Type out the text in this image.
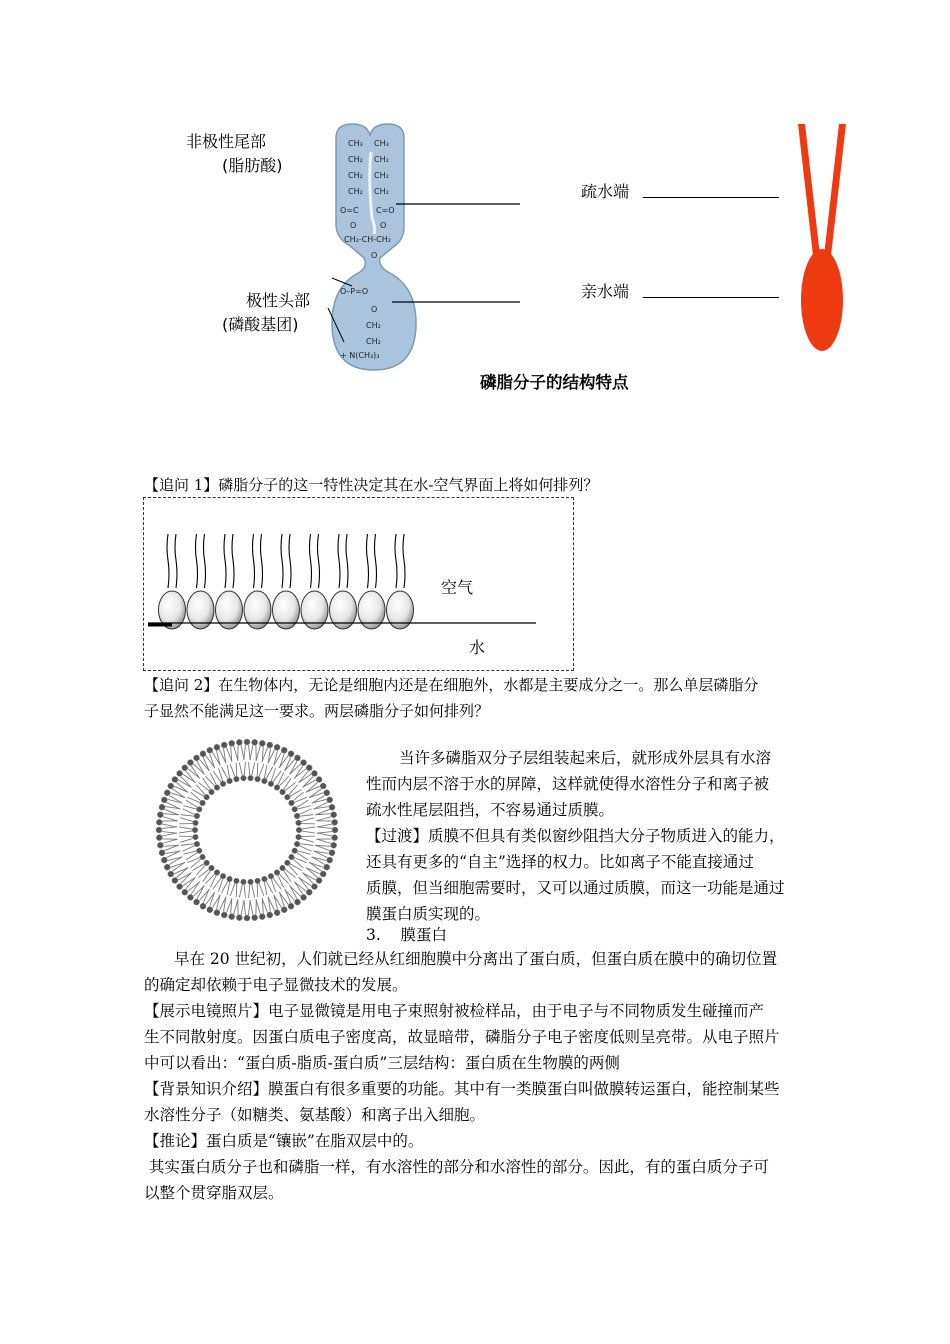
非极性尾部
(脂肪酸)
极性头部
(磷酸基团)
CH₃ CH₃
CH₂ CH₂
CH₂ CH₂
CH₂ CH₂
O=C C=O
O	O
CH₂-CH-CH₂
O
O–P=O
O
CH₂
CH₂
+ N(CH₃)₃
疏水端
亲水端
磷脂分子的结构特点
【追问 1】磷脂分子的这一特性决定其在水-空气界面上将如何排列？
空气
水
【追问 2】在生物体内，无论是细胞内还是在细胞外，水都是主要成分之一。那么单层磷脂分
子显然不能满足这一要求。两层磷脂分子如何排列？
当许多磷脂双分子层组装起来后，就形成外层具有水溶
性而内层不溶于水的屏障，这样就使得水溶性分子和离子被
疏水性尾层阻挡，不容易通过质膜。
【过渡】质膜不但具有类似窗纱阻挡大分子物质进入的能力，
还具有更多的“自主”选择的权力。比如离子不能直接通过
质膜，但当细胞需要时，又可以通过质膜，而这一功能是通过
膜蛋白质实现的。
3.    膜蛋白
早在 20 世纪初，人们就已经从红细胞膜中分离出了蛋白质，但蛋白质在膜中的确切位置
的确定却依赖于电子显微技术的发展。
【展示电镜照片】电子显微镜是用电子束照射被检样品，由于电子与不同物质发生碰撞而产
生不同散射度。因蛋白质电子密度高，故显暗带，磷脂分子电子密度低则呈亮带。从电子照片
中可以看出：“蛋白质-脂质-蛋白质”三层结构：蛋白质在生物膜的两侧
【背景知识介绍】膜蛋白有很多重要的功能。其中有一类膜蛋白叫做膜转运蛋白，能控制某些
水溶性分子（如糖类、氨基酸）和离子出入细胞。
【推论】蛋白质是“镶嵌”在脂双层中的。
其实蛋白质分子也和磷脂一样，有水溶性的部分和水溶性的部分。因此，有的蛋白质分子可
以整个贯穿脂双层。
